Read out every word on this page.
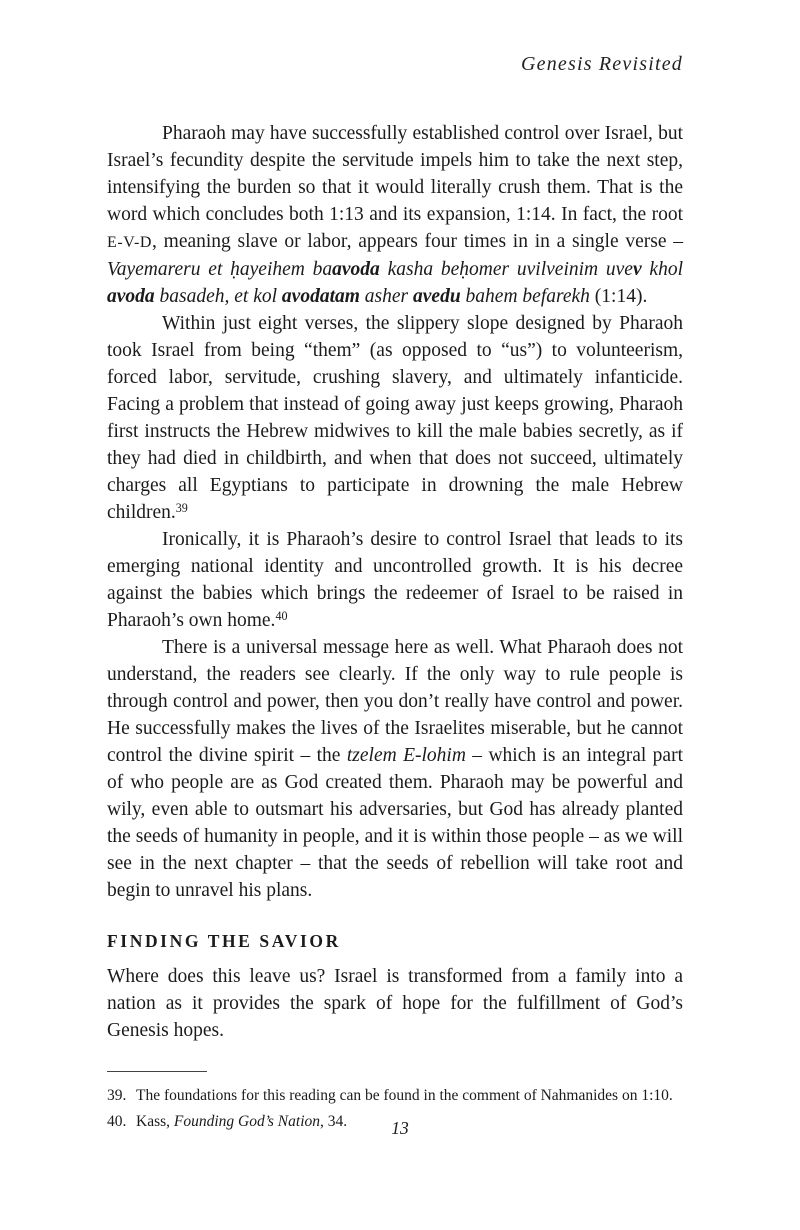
Genesis Revisited

Pharaoh may have successfully established control over Israel, but Israel’s fecundity despite the servitude impels him to take the next step, intensifying the burden so that it would literally crush them. That is the word which concludes both 1:13 and its expansion, 1:14. In fact, the root E-V-D, meaning slave or labor, appears four times in in a single verse – Vayemareru et ḥayeihem baavoda kasha beḥomer uvilveinim uvev khol avoda basadeh, et kol avodatam asher avedu bahem befarekh (1:14).

Within just eight verses, the slippery slope designed by Pharaoh took Israel from being “them” (as opposed to “us”) to volunteerism, forced labor, servitude, crushing slavery, and ultimately infanticide. Facing a problem that instead of going away just keeps growing, Pharaoh first instructs the Hebrew midwives to kill the male babies secretly, as if they had died in childbirth, and when that does not succeed, ultimately charges all Egyptians to participate in drowning the male Hebrew children.$^{39}$

Ironically, it is Pharaoh’s desire to control Israel that leads to its emerging national identity and uncontrolled growth. It is his decree against the babies which brings the redeemer of Israel to be raised in Pharaoh’s own home.$^{40}$

There is a universal message here as well. What Pharaoh does not understand, the readers see clearly. If the only way to rule people is through control and power, then you don’t really have control and power. He successfully makes the lives of the Israelites miserable, but he cannot control the divine spirit – the tzelem E-lohim – which is an integral part of who people are as God created them. Pharaoh may be powerful and wily, even able to outsmart his adversaries, but God has already planted the seeds of humanity in people, and it is within those people – as we will see in the next chapter – that the seeds of rebellion will take root and begin to unravel his plans.

FINDING THE SAVIOR

Where does this leave us? Israel is transformed from a family into a nation as it provides the spark of hope for the fulfillment of God’s Genesis hopes.

39. The foundations for this reading can be found in the comment of Nahmanides on 1:10.
40. Kass, Founding God’s Nation, 34.	13
